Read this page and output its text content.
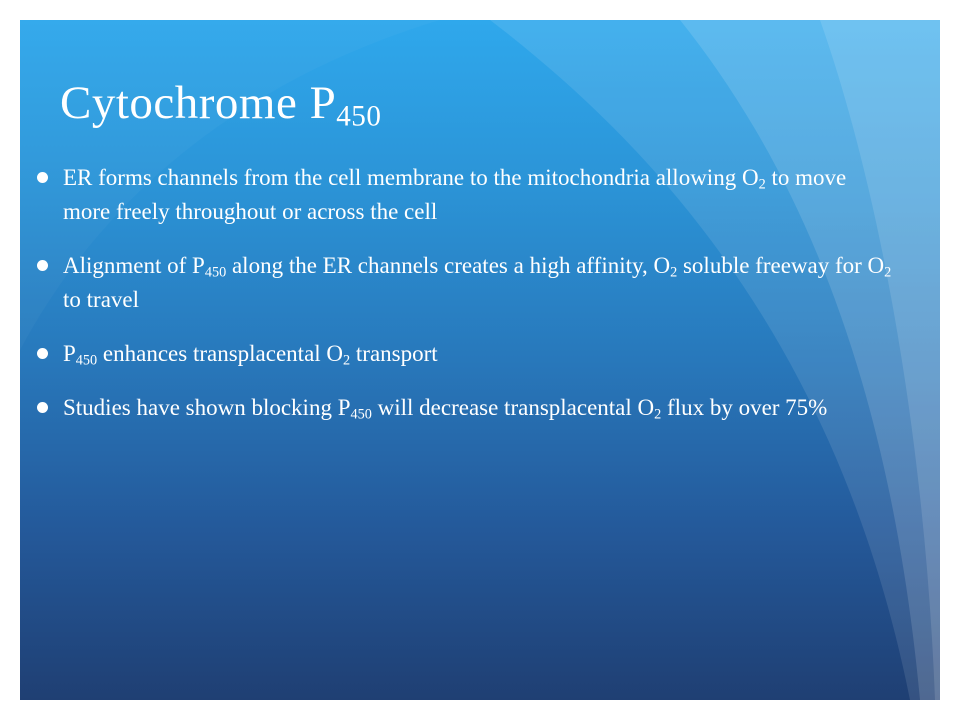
Cytochrome $P_{450}$
ER forms channels from the cell membrane to the mitochondria allowing $O_2$ to move more freely throughout or across the cell
Alignment of $P_{450}$ along the ER channels creates a high affinity, $O_2$ soluble freeway for $O_2$ to travel
$P_{450}$ enhances transplacental $O_2$ transport
Studies have shown blocking $P_{450}$ will decrease transplacental $O_2$ flux by over 75%
